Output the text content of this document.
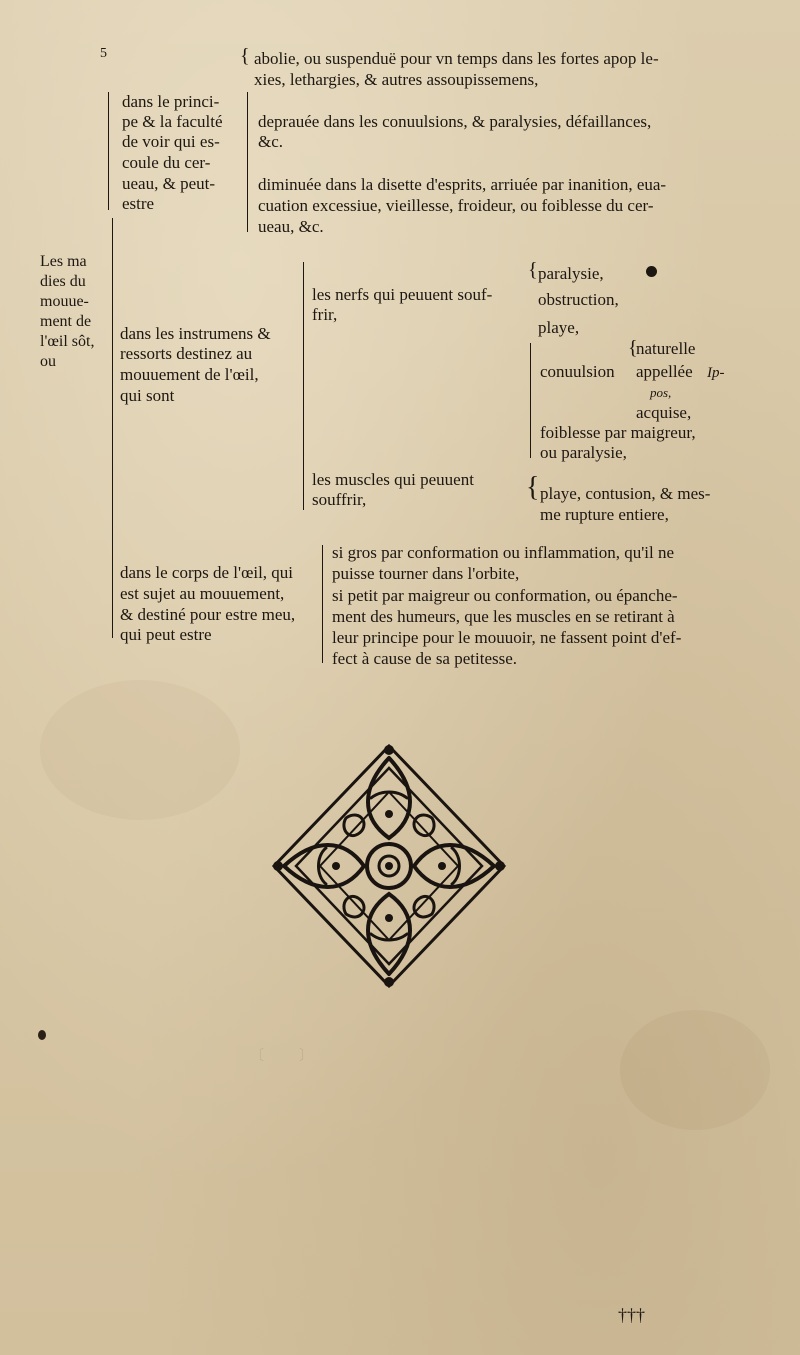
〔 ⁠ ⁠ ⁠ ⁠ ⁠ ⁠ ⁠ ⁠ ⁠ 〕
5	{ abolie, ou suspenduë pour vn temps dans les fortes apop le-
xies, lethargies, & autres assoupissemens,
dans le princi-
pe & la faculté
de voir qui es-
coule du cer-
ueau, & peut-
estre
deprauée dans les conuulsions, & paralysies, défaillances,
&c.
diminuée dans la disette d'esprits, arriuée par inanition, eua-
cuation excessiue, vieillesse, froideur, ou foiblesse du cer-
ueau, &c.
Les ma
dies du
mouue-
ment de
l'œil sôt,
ou
dans les instrumens &
ressorts destinez au
mouuement de l'œil,
qui sont
les nerfs qui peuuent souf-
frir,
{ paralysie,
obstruction,
playe,
conuulsion
{
naturelle
appellée Ip-
pos,
acquise,
foiblesse par maigreur,
ou paralysie,
les muscles qui peuuent
souffrir,	{ playe, contusion, & mes-
me rupture entiere,
dans le corps de l'œil, qui
est sujet au mouuement,
& destiné pour estre meu,
qui peut estre
si gros par conformation ou inflammation, qu'il ne
puisse tourner dans l'orbite,
si petit par maigreur ou conformation, ou épanche-
ment des humeurs, que les muscles en se retirant à
leur principe pour le mouuoir, ne fassent point d'ef-
fect à cause de sa petitesse.
†††
